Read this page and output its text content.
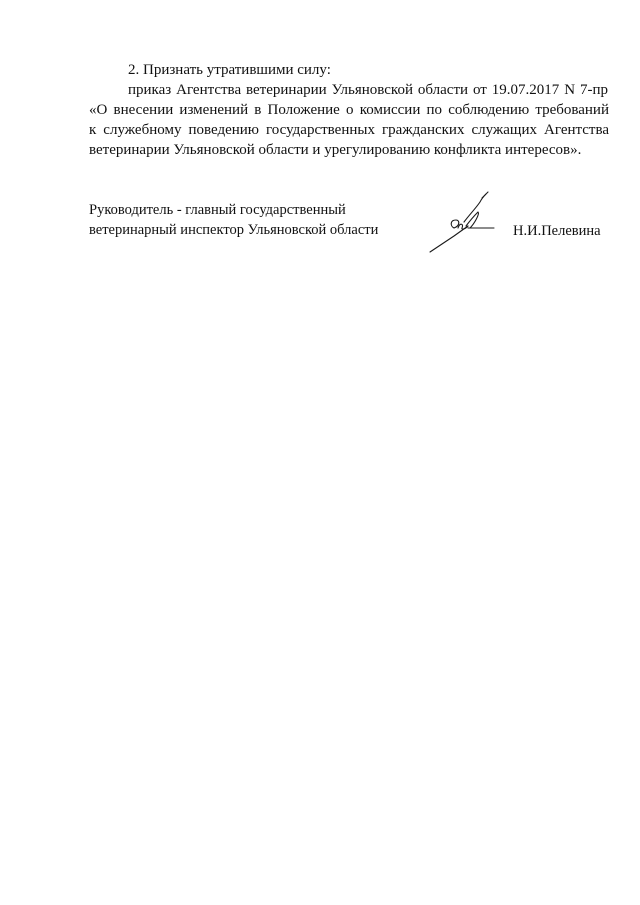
2. Признать утратившими силу:
приказ Агентства ветеринарии Ульяновской области от 19.07.2017 N 7-пр
«О внесении изменений в Положение о комиссии по соблюдению требований
к служебному поведению государственных гражданских служащих Агентства
ветеринарии Ульяновской области и урегулированию конфликта интересов».
Руководитель - главный государственный
ветеринарный инспектор Ульяновской области	Н.И.Пелевина
